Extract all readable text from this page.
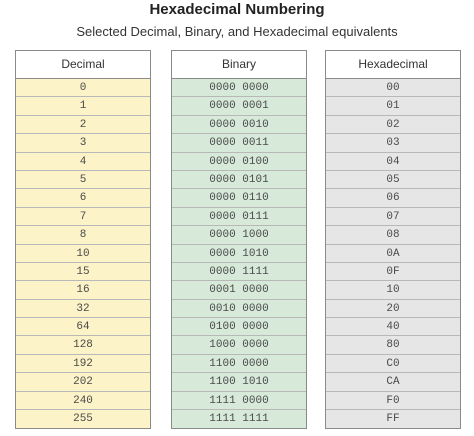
Hexadecimal Numbering
Selected Decimal, Binary, and Hexadecimal equivalents
Decimal
0
1
2
3
4
5
6
7
8
10
15
16
32
64
128
192
202
240
255
Binary
0000 0000
0000 0001
0000 0010
0000 0011
0000 0100
0000 0101
0000 0110
0000 0111
0000 1000
0000 1010
0000 1111
0001 0000
0010 0000
0100 0000
1000 0000
1100 0000
1100 1010
1111 0000
1111 1111
Hexadecimal
00
01
02
03
04
05
06
07
08
0A
0F
10
20
40
80
C0
CA
F0
FF
